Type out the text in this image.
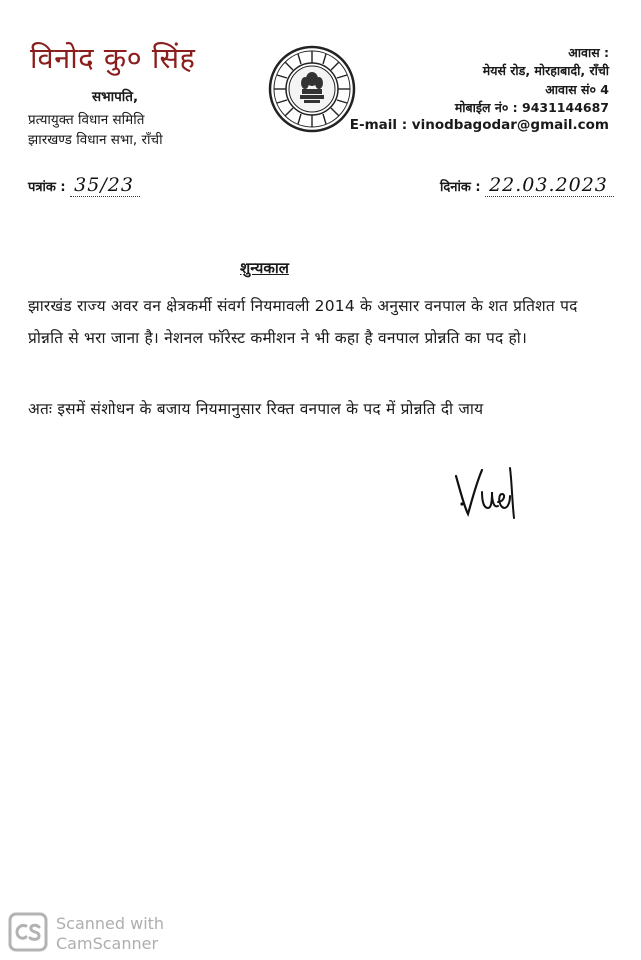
विनोद कु० सिंह
सभापति,
प्रत्यायुक्त विधान समिति
झारखण्ड विधान सभा, राँची
आवास :
मेयर्स रोड, मोरहाबादी, राँची
आवास सं० 4
मोबाईल नं० : 9431144687
E-mail : vinodbagodar@gmail.com
पत्रांक : 35/23	दिनांक : 22.03.2023
शुन्यकाल
झारखंड राज्य अवर वन क्षेत्रकर्मी संवर्ग नियमावली 2014 के अनुसार वनपाल के शत प्रतिशत पद प्रोन्नति से भरा जाना है। नेशनल फॉरेस्ट कमीशन ने भी कहा है वनपाल प्रोन्नति का पद हो।
अतः इसमें संशोधन के बजाय नियमानुसार रिक्त वनपाल के पद में प्रोन्नति दी जाय
Scanned with
CamScanner
